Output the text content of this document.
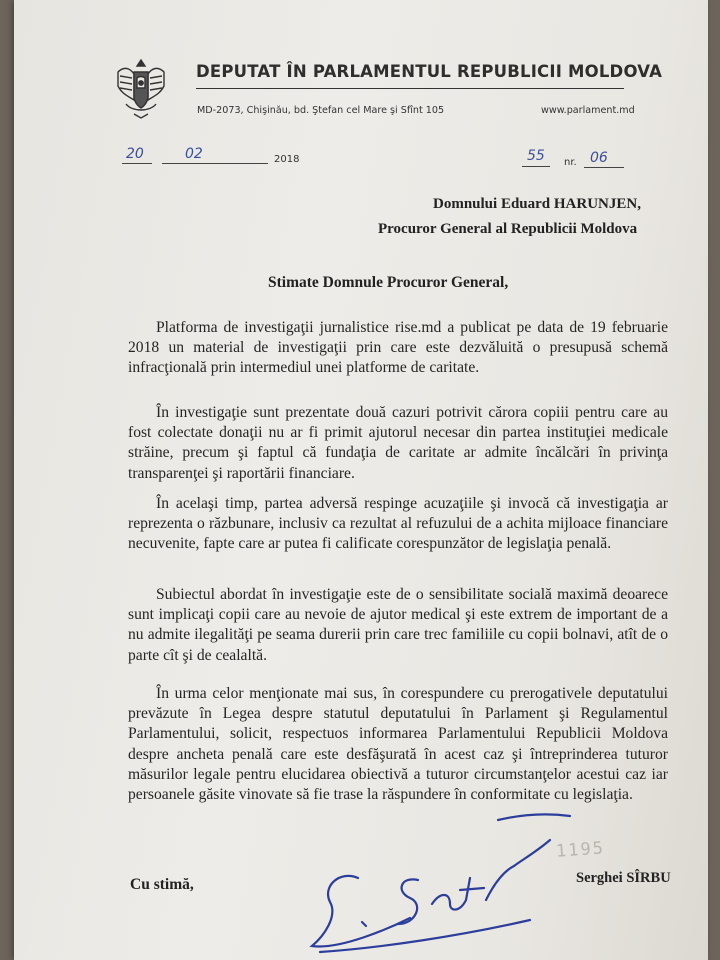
DEPUTAT ÎN PARLAMENTUL REPUBLICII MOLDOVA
MD-2073, Chişinău, bd. Ştefan cel Mare şi Sfînt 105	www.parlament.md
20	02	2018	55 nr. 06
Domnului Eduard HARUNJEN,
Procuror General al Republicii Moldova
Stimate Domnule Procuror General,

Platforma de investigaţii jurnalistice rise.md a publicat pe data de 19 februarie 2018 un material de investigaţii prin care este dezvăluită o presupusă schemă infracţională prin intermediul unei platforme de caritate.

În investigaţie sunt prezentate două cazuri potrivit cărora copiii pentru care au fost colectate donaţii nu ar fi primit ajutorul necesar din partea instituţiei medicale străine, precum şi faptul că fundaţia de caritate ar admite încălcări în privinţa transparenţei şi raportării financiare.

În acelaşi timp, partea adversă respinge acuzaţiile şi invocă că investigaţia ar reprezenta o răzbunare, inclusiv ca rezultat al refuzului de a achita mijloace financiare necuvenite, fapte care ar putea fi calificate corespunzător de legislaţia penală.

Subiectul abordat în investigaţie este de o sensibilitate socială maximă deoarece sunt implicaţi copii care au nevoie de ajutor medical şi este extrem de important de a nu admite ilegalităţi pe seama durerii prin care trec familiile cu copii bolnavi, atît de o parte cît şi de cealaltă.

În urma celor menţionate mai sus, în corespundere cu prerogativele deputatului prevăzute în Legea despre statutul deputatului în Parlament şi Regulamentul Parlamentului, solicit, respectuos informarea Parlamentului Republicii Moldova despre ancheta penală care este desfăşurată în acest caz şi întreprinderea tuturor măsurilor legale pentru elucidarea obiectivă a tuturor circumstanţelor acestui caz iar persoanele găsite vinovate să fie trase la răspundere în conformitate cu legislaţia.

1195
Cu stimă,	Serghei SÎRBU
